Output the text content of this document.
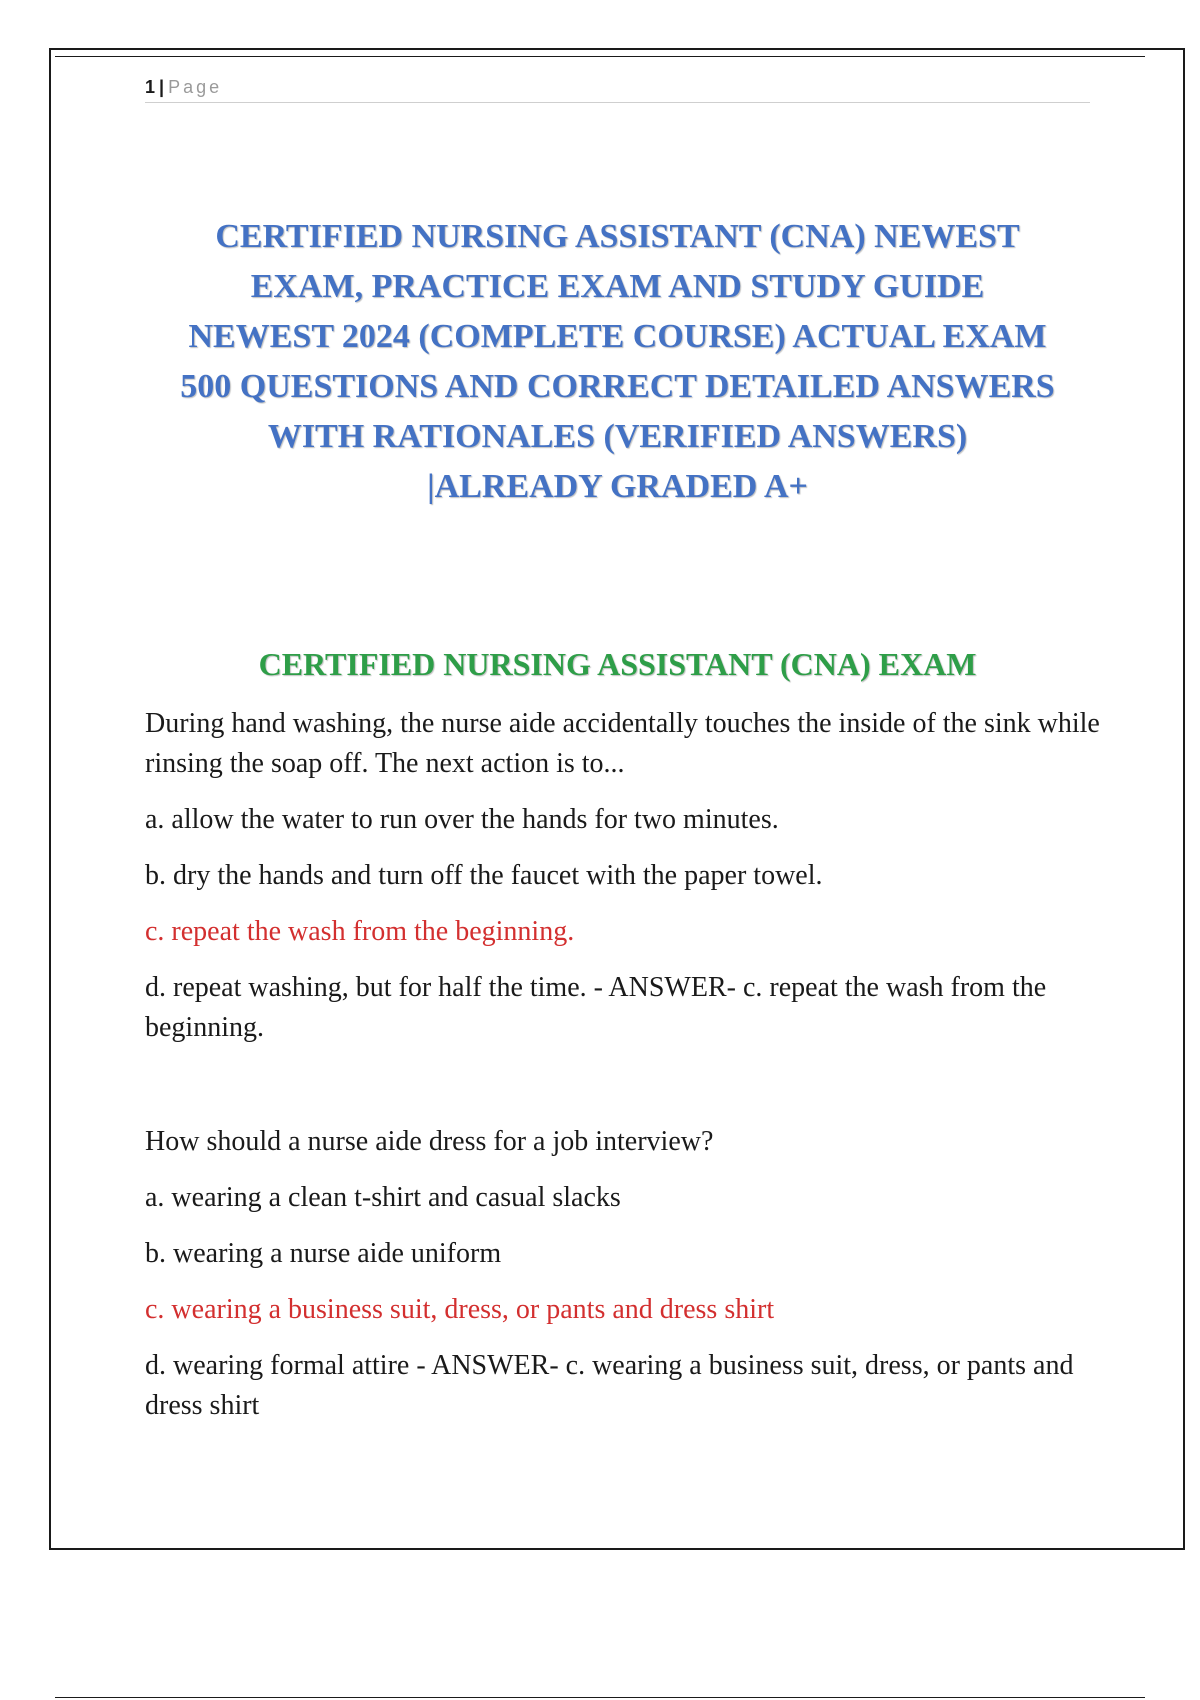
1 | Page
CERTIFIED NURSING ASSISTANT (CNA) NEWEST
EXAM, PRACTICE EXAM AND STUDY GUIDE
NEWEST 2024 (COMPLETE COURSE) ACTUAL EXAM
500 QUESTIONS AND CORRECT DETAILED ANSWERS
WITH RATIONALES (VERIFIED ANSWERS)
|ALREADY GRADED A+
CERTIFIED NURSING ASSISTANT (CNA) EXAM

During hand washing, the nurse aide accidentally touches the inside of the sink while rinsing the soap off. The next action is to...

a. allow the water to run over the hands for two minutes.

b. dry the hands and turn off the faucet with the paper towel.

c. repeat the wash from the beginning.

d. repeat washing, but for half the time. - ANSWER- c. repeat the wash from the beginning.

How should a nurse aide dress for a job interview?

a. wearing a clean t-shirt and casual slacks

b. wearing a nurse aide uniform

c. wearing a business suit, dress, or pants and dress shirt

d. wearing formal attire - ANSWER- c. wearing a business suit, dress, or pants and dress shirt
